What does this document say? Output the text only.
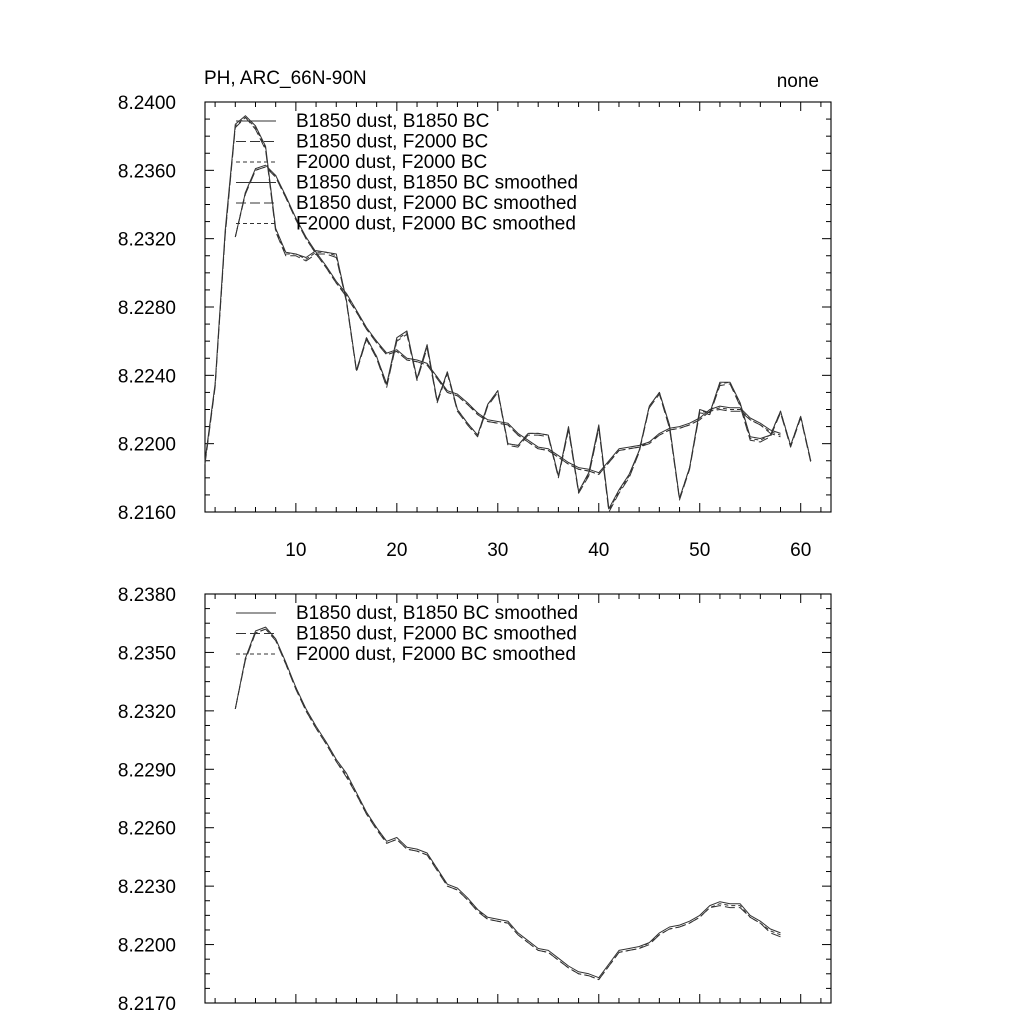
PH, ARC_66N-90N	none
8.2160
8.2200
8.2240
8.2280
8.2320
8.2360
8.2400
10	20	30	40	50	60
B1850 dust, B1850 BC
B1850 dust, F2000 BC
F2000 dust, F2000 BC
B1850 dust, B1850 BC smoothed
B1850 dust, F2000 BC smoothed
F2000 dust, F2000 BC smoothed
8.2170
8.2200
8.2230
8.2260
8.2290
8.2320
8.2350
8.2380
B1850 dust, B1850 BC smoothed
B1850 dust, F2000 BC smoothed
F2000 dust, F2000 BC smoothed
